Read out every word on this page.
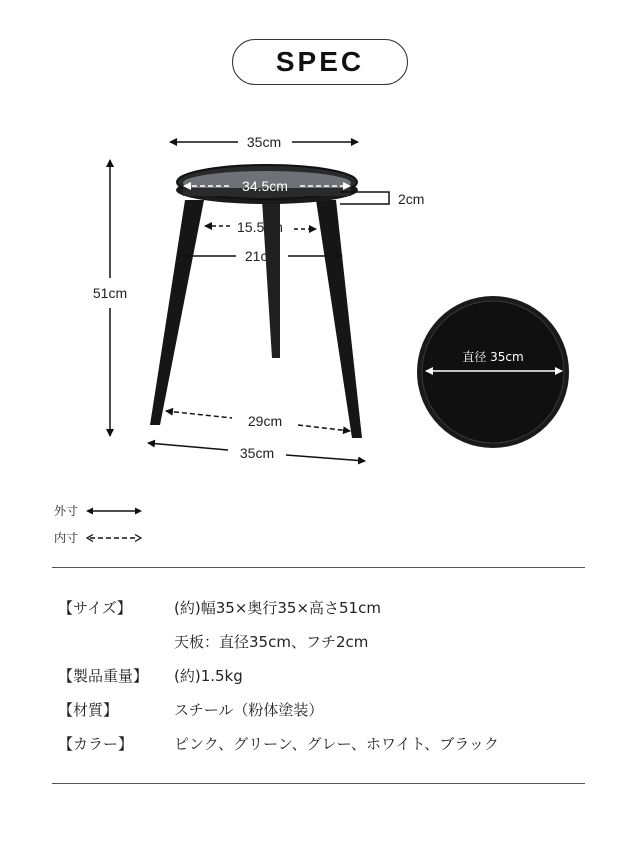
SPEC
35cm
34.5cm
2cm
15.5cm
21cm
51cm
29cm
35cm
直径 35cm
外寸
内寸
【サイズ】	(約)幅35×奥行35×高さ51cm
天板：直径35cm、フチ2cm
【製品重量】	(約)1.5kg
【材質】	スチール（粉体塗装）
【カラー】	ピンク、グリーン、グレー、ホワイト、ブラック
